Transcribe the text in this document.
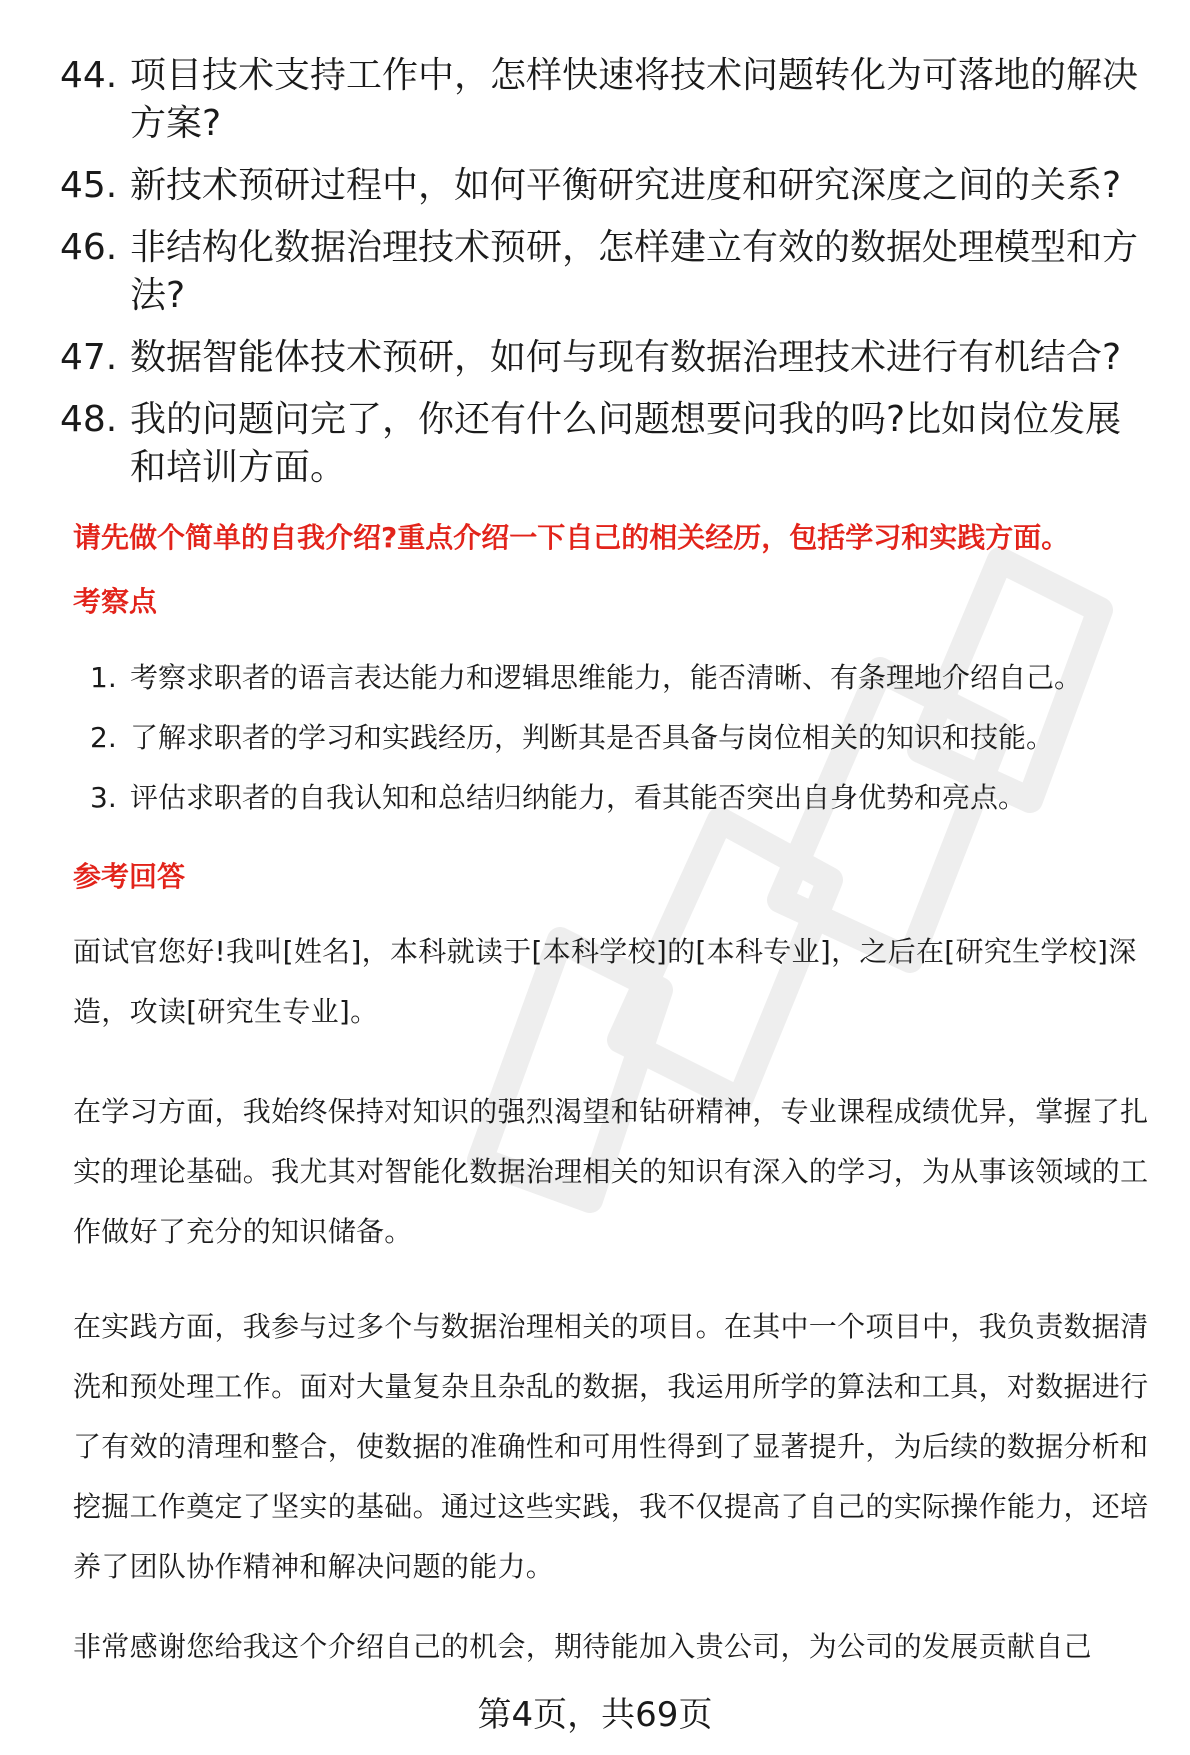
44. 项目技术支持工作中，怎样快速将技术问题转化为可落地的解决方案?
45. 新技术预研过程中，如何平衡研究进度和研究深度之间的关系?
46. 非结构化数据治理技术预研，怎样建立有效的数据处理模型和方法?
47. 数据智能体技术预研，如何与现有数据治理技术进行有机结合?
48. 我的问题问完了，你还有什么问题想要问我的吗?比如岗位发展和培训方面。
请先做个简单的自我介绍?重点介绍一下自己的相关经历，包括学习和实践方面。
考察点
1. 考察求职者的语言表达能力和逻辑思维能力，能否清晰、有条理地介绍自己。
2. 了解求职者的学习和实践经历，判断其是否具备与岗位相关的知识和技能。
3. 评估求职者的自我认知和总结归纳能力，看其能否突出自身优势和亮点。
参考回答
面试官您好!我叫[姓名]，本科就读于[本科学校]的[本科专业]，之后在[研究生学校]深造，攻读[研究生专业]。
在学习方面，我始终保持对知识的强烈渴望和钻研精神，专业课程成绩优异，掌握了扎实的理论基础。我尤其对智能化数据治理相关的知识有深入的学习，为从事该领域的工作做好了充分的知识储备。
在实践方面，我参与过多个与数据治理相关的项目。在其中一个项目中，我负责数据清洗和预处理工作。面对大量复杂且杂乱的数据，我运用所学的算法和工具，对数据进行了有效的清理和整合，使数据的准确性和可用性得到了显著提升，为后续的数据分析和挖掘工作奠定了坚实的基础。通过这些实践，我不仅提高了自己的实际操作能力，还培养了团队协作精神和解决问题的能力。
非常感谢您给我这个介绍自己的机会，期待能加入贵公司，为公司的发展贡献自己
第4页，共69页
